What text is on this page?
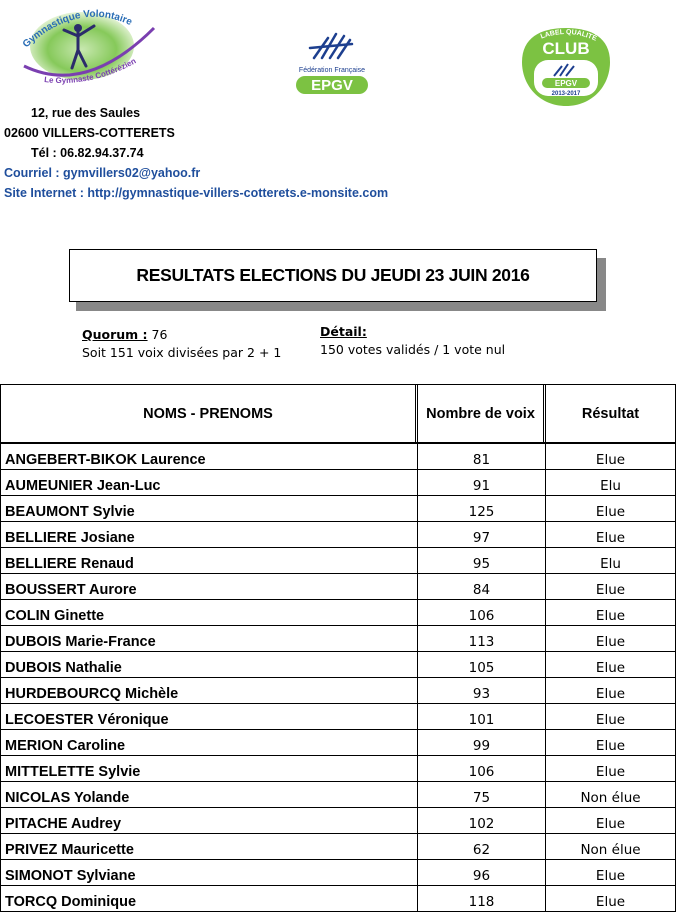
Gymnastique Volontaire
Le Gymnaste Cottérézien
Fédération Française
EPGV
LABEL QUALITÉ
CLUB
EPGV
2013-2017
12, rue des Saules
02600 VILLERS-COTTERETS
Tél : 06.82.94.37.74
Courriel : gymvillers02@yahoo.fr
Site Internet : http://gymnastique-villers-cotterets.e-monsite.com
RESULTATS ELECTIONS DU JEUDI 23 JUIN 2016
Quorum : 76
Soit 151 voix divisées par 2 + 1
Détail:
150 votes validés / 1 vote nul
NOMS - PRENOMS	Nombre de voix	Résultat
ANGEBERT-BIKOK Laurence	81	Elue
AUMEUNIER Jean-Luc	91	Elu
BEAUMONT Sylvie	125	Elue
BELLIERE Josiane	97	Elue
BELLIERE Renaud	95	Elu
BOUSSERT Aurore	84	Elue
COLIN Ginette	106	Elue
DUBOIS Marie-France	113	Elue
DUBOIS Nathalie	105	Elue
HURDEBOURCQ Michèle	93	Elue
LECOESTER Véronique	101	Elue
MERION Caroline	99	Elue
MITTELETTE Sylvie	106	Elue
NICOLAS Yolande	75	Non élue
PITACHE Audrey	102	Elue
PRIVEZ Mauricette	62	Non élue
SIMONOT Sylviane	96	Elue
TORCQ Dominique	118	Elue
